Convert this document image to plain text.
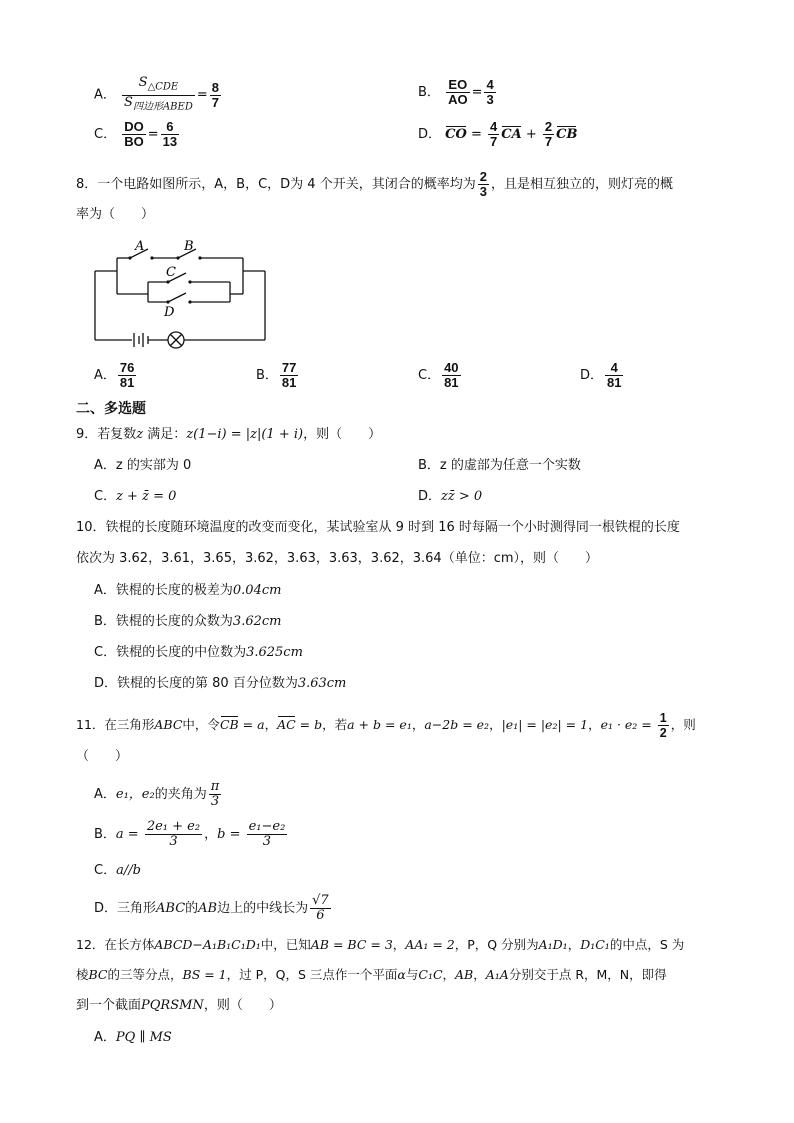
A． $\frac{S_{\triangle CDE}}{S_{四边形ABED}} = \frac{8}{7}$	B． $\frac{EO}{AO} = \frac{4}{3}$
C． $\frac{DO}{BO} = \frac{6}{13}$	D． CO = $\frac{4}{7}$ CA + $\frac{2}{7}$ CB
8．一个电路如图所示，A，B，C，D为 4 个开关，其闭合的概率均为 $\frac{2}{3}$ ，且是相互独立的，则灯亮的概
率为（　　）
A	B
C
D
A． $\frac{76}{81}$	B． $\frac{77}{81}$	C． $\frac{40}{81}$	D． $\frac{4}{81}$
二、多选题
9．若复数z 满足：z(1−i) = |z|(1 + i)，则（　　）
A．z 的实部为 0	B．z 的虚部为任意一个实数
C．z + z̄ = 0	D．zz̄ > 0
10．铁棍的长度随环境温度的改变而变化，某试验室从 9 时到 16 时每隔一个小时测得同一根铁棍的长度
依次为 3.62，3.61，3.65，3.62，3.63，3.63，3.62，3.64（单位：cm），则（　　）
A．铁棍的长度的极差为0.04cm
B．铁棍的长度的众数为3.62cm
C．铁棍的长度的中位数为3.625cm
D．铁棍的长度的第 80 百分位数为3.63cm
11．在三角形ABC中，令CB = a，AC = b，若a + b = e₁，a−2b = e₂，|e₁| = |e₂| = 1，$e_1 \cdot e_2 = \frac{1}{2}$ ，则
（　　）
A．e₁，e₂的夹角为 $\frac{\pi}{3}$
B．$a = \frac{\text{2e₁ + e₂}}{3}$ ，$b = \frac{\text{e₁−e₂}}{3}$
C．a//b
D．三角形ABC的AB边上的中线长为 $\frac{√7}{6}$
12．在长方体ABCD−A₁B₁C₁D₁中，已知AB = BC = 3，AA₁ = 2，P，Q 分别为A₁D₁，D₁C₁的中点，S 为
棱BC的三等分点，BS = 1，过 P，Q，S 三点作一个平面α与C₁C，AB，A₁A分别交于点 R，M，N，即得
到一个截面PQRSMN，则（　　）
A．PQ ∥ MS
